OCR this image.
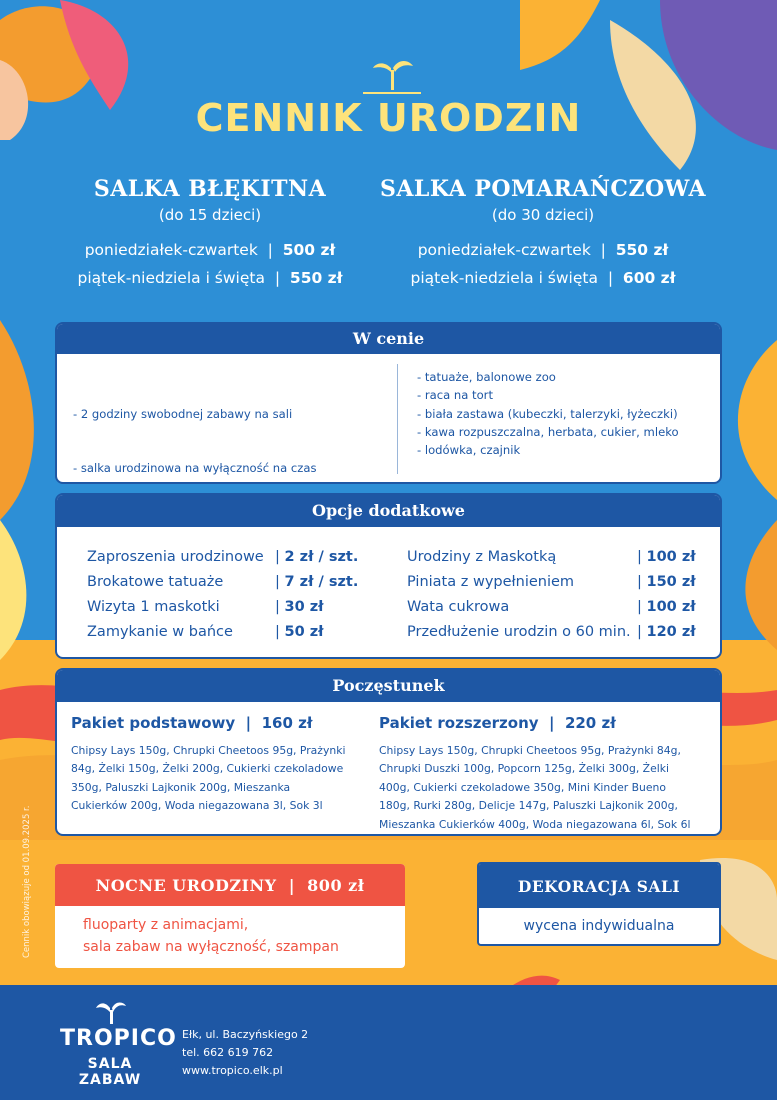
CENNIK URODZIN
SALKA BŁĘKITNA
(do 15 dzieci)
poniedziałek-czwartek  |  500 zł
piątek-niedziela i święta  |  550 zł
SALKA POMARAŃCZOWA
(do 30 dzieci)
poniedziałek-czwartek  |  550 zł
piątek-niedziela i święta  |  600 zł
W cenie

- 2 godziny swobodnej zabawy na sali

- salka urodzinowa na wyłączność na czas

- tatuaże, balonowe zoo
- raca na tort
- biała zastawa (kubeczki, talerzyki, łyżeczki)
- kawa rozpuszczalna, herbata, cukier, mleko
- lodówka, czajnik
Opcje dodatkowe
Zaproszenia urodzinowe | 2 zł / szt.
Brokatowe tatuaże	| 7 zł / szt.
Wizyta 1 maskotki	| 30 zł
Zamykanie w bańce	| 50 zł
Urodziny z Maskotką	| 100 zł
Piniata z wypełnieniem	| 150 zł
Wata cukrowa	| 100 zł
Przedłużenie urodzin o 60 min. | 120 zł
Poczęstunek
Pakiet podstawowy  |  160 zł
Chipsy Lays 150g, Chrupki Cheetoos 95g, Prażynki
84g, Żelki 150g, Żelki 200g, Cukierki czekoladowe
350g, Paluszki Lajkonik 200g, Mieszanka
Cukierków 200g, Woda niegazowana 3l, Sok 3l
Pakiet rozszerzony  |  220 zł
Chipsy Lays 150g, Chrupki Cheetoos 95g, Prażynki 84g,
Chrupki Duszki 100g, Popcorn 125g, Żelki 300g, Żelki
400g, Cukierki czekoladowe 350g, Mini Kinder Bueno
180g, Rurki 280g, Delicje 147g, Paluszki Lajkonik 200g,
Mieszanka Cukierków 400g, Woda niegazowana 6l, Sok 6l
NOCNE URODZINY  |  800 zł
fluoparty z animacjami,
sala zabaw na wyłączność, szampan
DEKORACJA SALI
wycena indywidualna
Cennik obowiązuje od 01.09.2025 r.
TROPICO
SALA ZABAW
Ełk, ul. Baczyńskiego 2
tel. 662 619 762
www.tropico.elk.pl
